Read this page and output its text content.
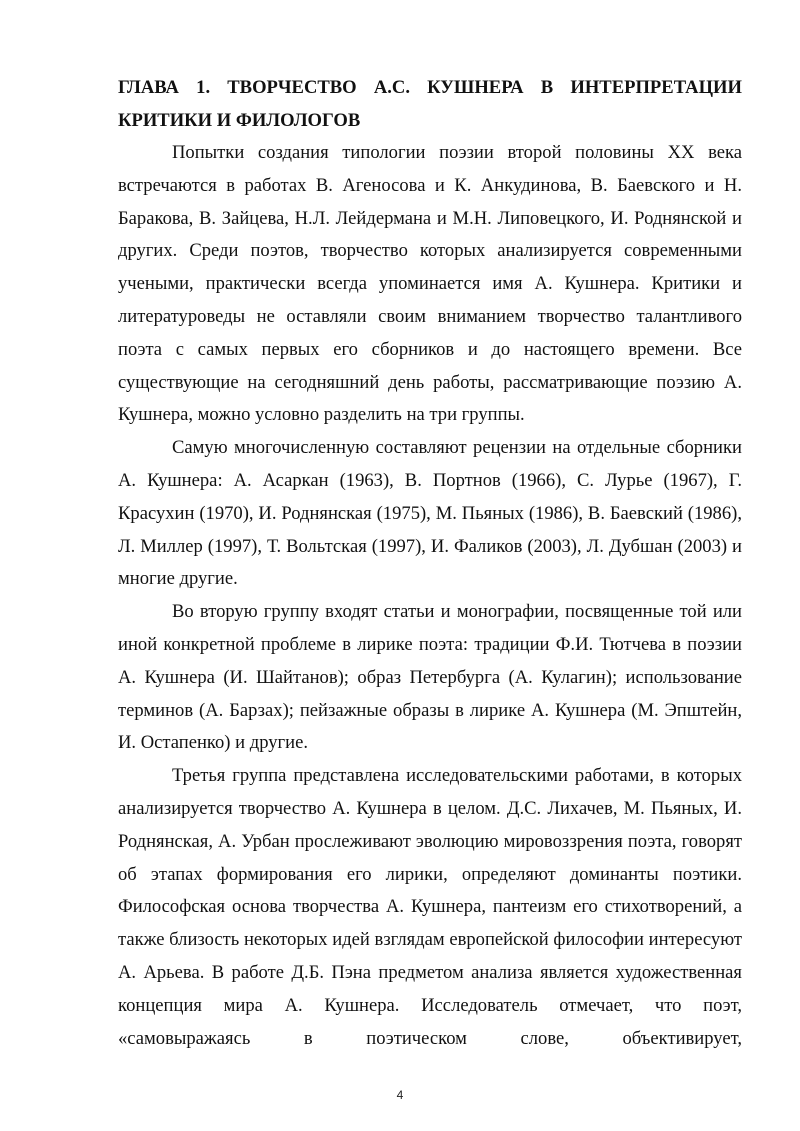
ГЛАВА 1. ТВОРЧЕСТВО А.С. КУШНЕРА В ИНТЕРПРЕТАЦИИ КРИТИКИ И ФИЛОЛОГОВ

Попытки создания типологии поэзии второй половины ХХ века встречаются в работах В. Агеносова и К. Анкудинова, В. Баевского и Н. Баракова, В. Зайцева, Н.Л. Лейдермана и М.Н. Липовецкого, И. Роднянской и других. Среди поэтов, творчество которых анализируется современными учеными, практически всегда упоминается имя А. Кушнера. Критики и литературоведы не оставляли своим вниманием творчество талантливого поэта с самых первых его сборников и до настоящего времени. Все существующие на сегодняшний день работы, рассматривающие поэзию А. Кушнера, можно условно разделить на три группы.

Самую многочисленную составляют рецензии на отдельные сборники А. Кушнера: А. Асаркан (1963), В. Портнов (1966), С. Лурье (1967), Г. Красухин (1970), И. Роднянская (1975), М. Пьяных (1986), В. Баевский (1986), Л. Миллер (1997), Т. Вольтская (1997), И. Фаликов (2003), Л. Дубшан (2003) и многие другие.

Во вторую группу входят статьи и монографии, посвященные той или иной конкретной проблеме в лирике поэта: традиции Ф.И. Тютчева в поэзии А. Кушнера (И. Шайтанов); образ Петербурга (А. Кулагин); использование терминов (А. Барзах); пейзажные образы в лирике А. Кушнера (М. Эпштейн, И. Остапенко) и другие.

Третья группа представлена исследовательскими работами, в которых анализируется творчество А. Кушнера в целом. Д.С. Лихачев, М. Пьяных, И. Роднянская, А. Урбан прослеживают эволюцию мировоззрения поэта, говорят об этапах формирования его лирики, определяют доминанты поэтики. Философская основа творчества А. Кушнера, пантеизм его стихотворений, а также близость некоторых идей взглядам европейской философии интересуют А. Арьева. В работе Д.Б. Пэна предметом анализа является художественная концепция мира А. Кушнера. Исследователь отмечает, что поэт, «самовыражаясь в поэтическом слове, объективирует,

4
